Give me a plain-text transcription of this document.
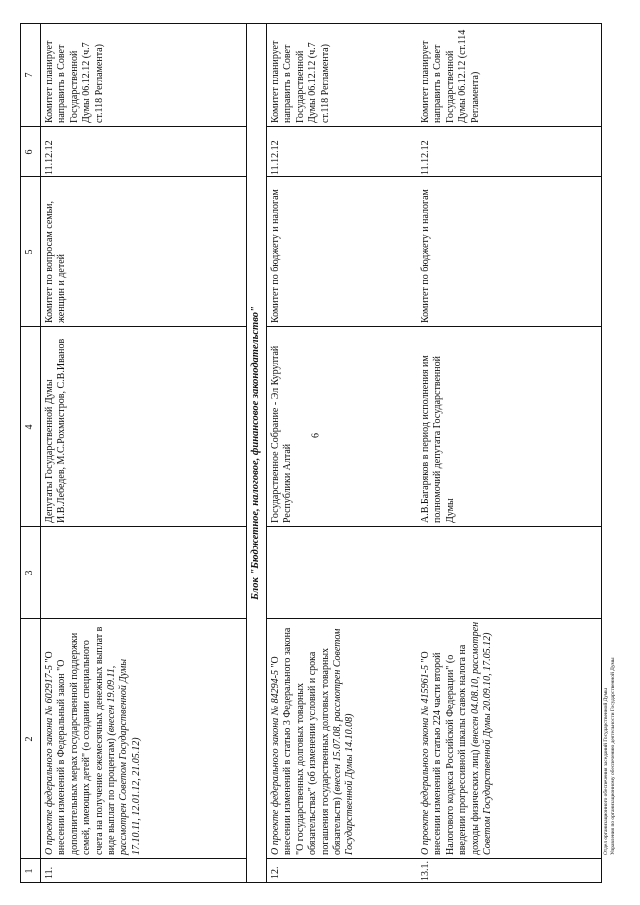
6
1
2
3
4
5
6
7
11.
О проекте федерального закона № 602917-5 "О внесении изменений в Федеральный закон "О дополнительных мерах государственной поддержки семей, имеющих детей" (о создании специального счета на получение ежемесячных денежных выплат в виде выплат по процентам) (внесен 19.09.11, рассмотрен Советом Государственной Думы 17.10.11, 12.01.12, 21.05.12)
Депутаты Государственной Думы И.В.Лебедев, М.С.Рохмистров, С.В.Иванов
Комитет по вопросам семьи, женщин и детей
11.12.12
Комитет планирует направить в Совет Государственной Думы 06.12.12 (ч.7 ст.118 Регламента)
Блок "Бюджетное, налоговое, финансовое законодательство"
12.
О проекте федерального закона № 84294-5 "О внесении изменений в статью 3 Федерального закона "О государственных долговых товарных обязательствах" (об изменении условий и срока погашения государственных долговых товарных обязательств) (внесен 15.07.08, рассмотрен Советом Государственной Думы 14.10.08)
Государственное Собрание - Эл Курултай Республики Алтай
Комитет по бюджету и налогам
11.12.12
Комитет планирует направить в Совет Государственной Думы 06.12.12 (ч.7 ст.118 Регламента)
13.1.
О проекте федерального закона № 415961-5 "О внесении изменений в статью 224 части второй Налогового кодекса Российской Федерации" (о введении прогрессивной шкалы ставок налога на доходы физических лиц) (внесен 04.08.10, рассмотрен Советом Государственной Думы 20.09.10, 17.05.12)
А.В.Багаряков в период исполнения им полномочий депутата Государственной Думы
Комитет по бюджету и налогам
11.12.12
Комитет планирует направить в Совет Государственной Думы 06.12.12 (ст.114 Регламента)
Отдел организационного обеспечения заседаний Государственной Думы Управления по организационному обеспечению деятельности Государственной Думы
